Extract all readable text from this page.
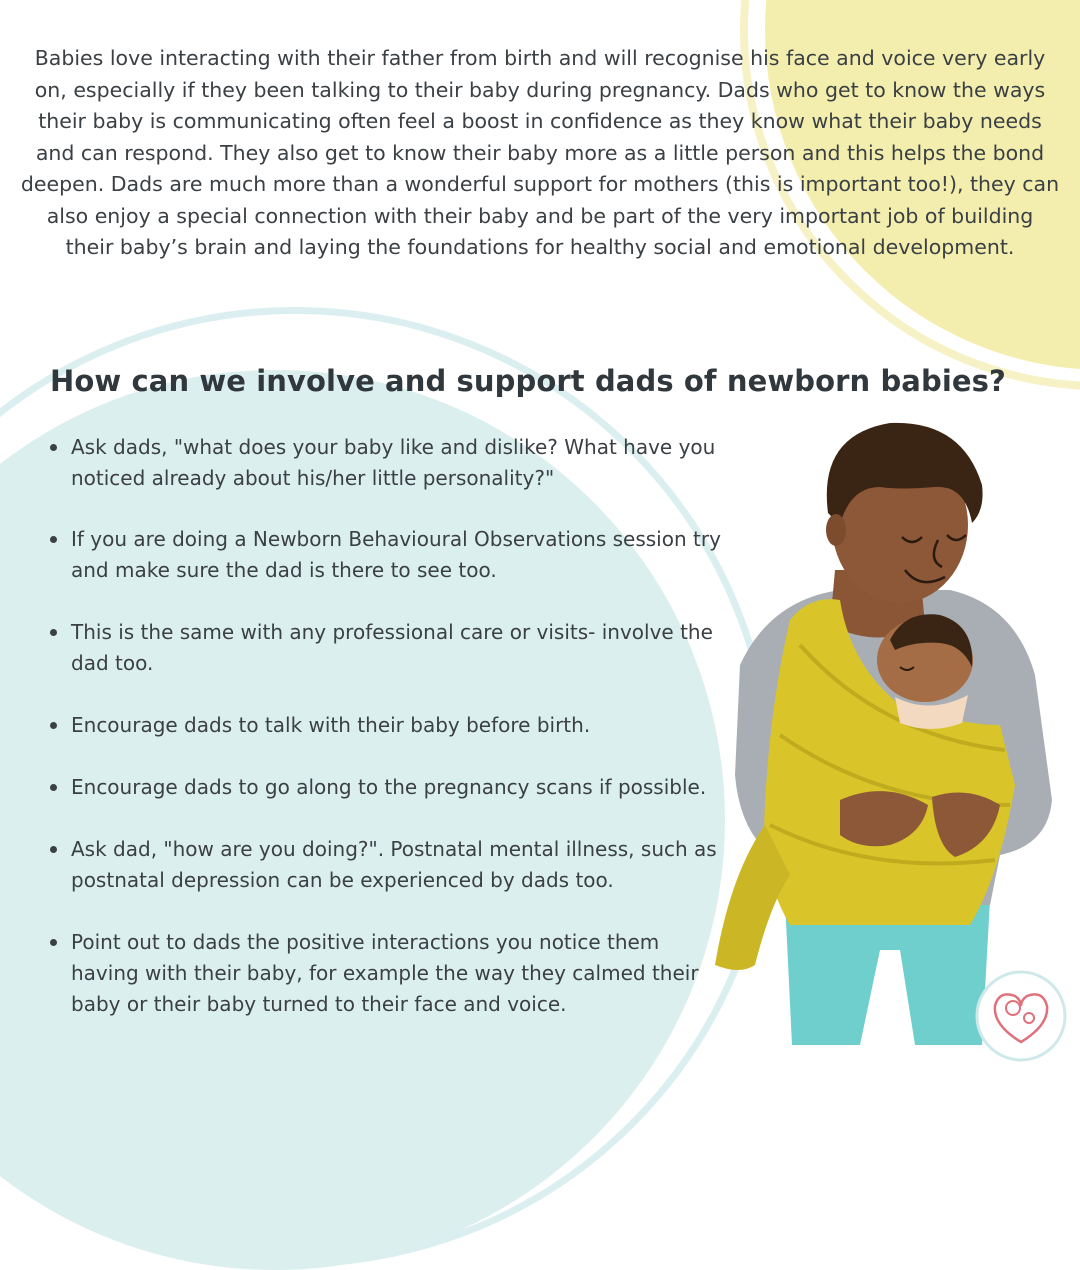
Babies love interacting with their father from birth and will recognise his face and voice very early on, especially if they been talking to their baby during pregnancy. Dads who get to know the ways their baby is communicating often feel a boost in confidence as they know what their baby needs and can respond. They also get to know their baby more as a little person and this helps the bond deepen. Dads are much more than a wonderful support for mothers (this is important too!), they can also enjoy a special connection with their baby and be part of the very important job of building their baby’s brain and laying the foundations for healthy social and emotional development.

How can we involve and support dads of newborn babies?
Ask dads, "what does your baby like and dislike? What have you noticed already about his/her little personality?"
If you are doing a Newborn Behavioural Observations session try and make sure the dad is there to see too.
This is the same with any professional care or visits- involve the dad too.
Encourage dads to talk with their baby before birth.
Encourage dads to go along to the pregnancy scans if possible.
Ask dad, "how are you doing?". Postnatal mental illness, such as postnatal depression can be experienced by dads too.
Point out to dads the positive interactions you notice them having with their baby, for example the way they calmed their baby or their baby turned to their face and voice.
